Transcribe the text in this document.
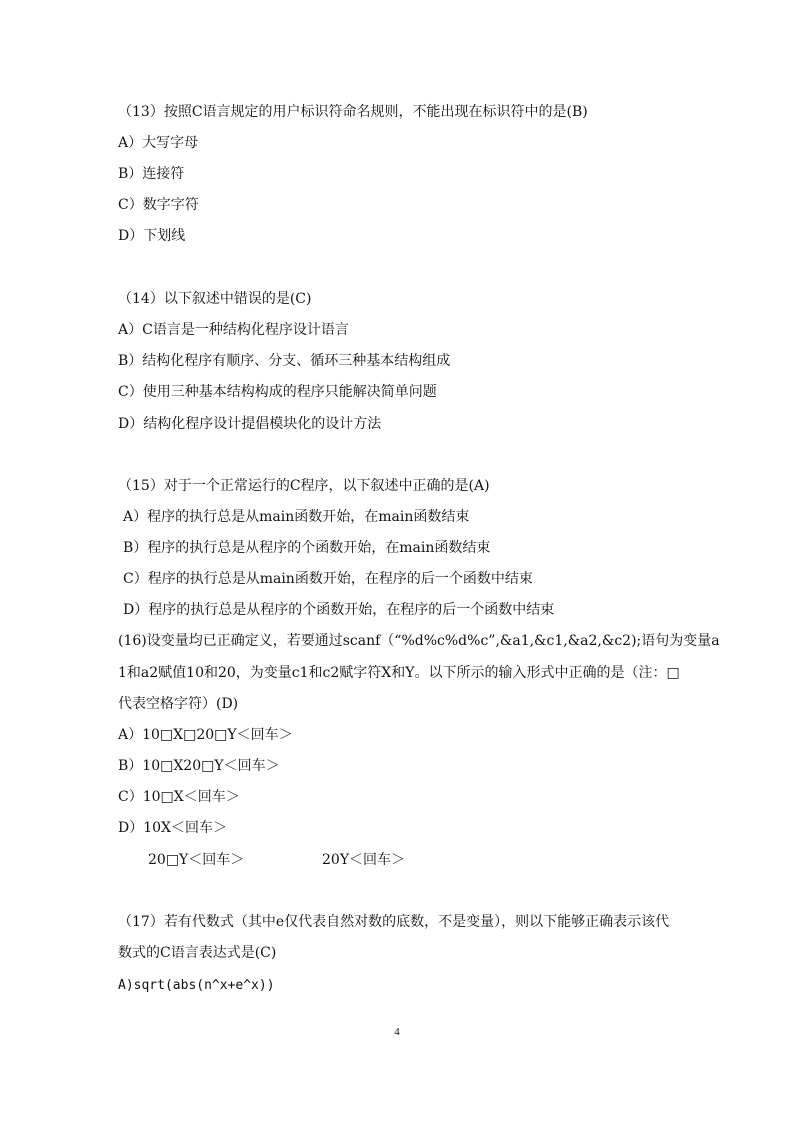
（13）按照C语言规定的用户标识符命名规则，不能出现在标识符中的是(B)
A）大写字母
B）连接符
C）数字字符
D）下划线
（14）以下叙述中错误的是(C)
A）C语言是一种结构化程序设计语言
B）结构化程序有顺序、分支、循环三种基本结构组成
C）使用三种基本结构构成的程序只能解决简单问题
D）结构化程序设计提倡模块化的设计方法
（15）对于一个正常运行的C程序，以下叙述中正确的是(A)
A）程序的执行总是从main函数开始，在main函数结束
B）程序的执行总是从程序的个函数开始，在main函数结束
C）程序的执行总是从main函数开始，在程序的后一个函数中结束
D）程序的执行总是从程序的个函数开始，在程序的后一个函数中结束
(16)设变量均已正确定义，若要通过scanf（“%d%c%d%c”,&a1,&c1,&a2,&c2);语句为变量a
1和a2赋值10和20，为变量c1和c2赋字符X和Y。以下所示的输入形式中正确的是（注：□
代表空格字符）(D)
A）10□X□20□Y＜回车＞
B）10□X20□Y＜回车＞
C）10□X＜回车＞
D）10X＜回车＞
20□Y＜回车＞	20Y＜回车＞
（17）若有代数式（其中e仅代表自然对数的底数，不是变量），则以下能够正确表示该代
数式的C语言表达式是(C)
A)sqrt(abs(n^x+e^x))
4
